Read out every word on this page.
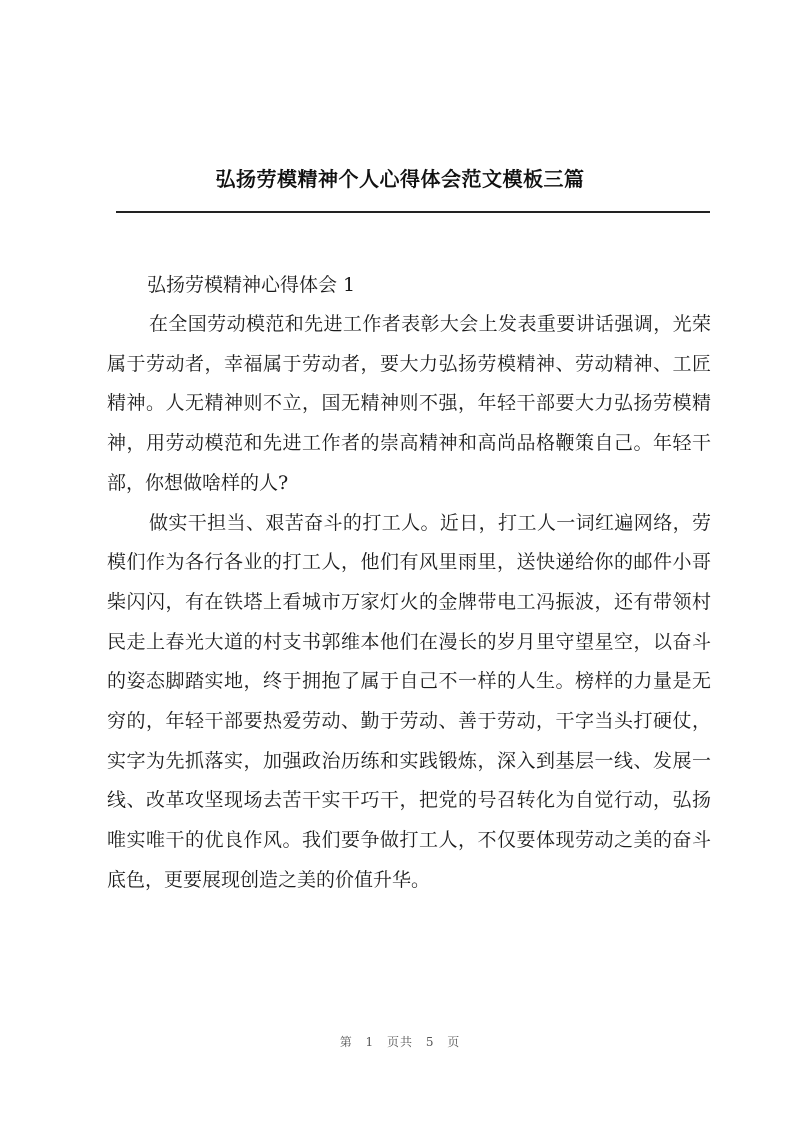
弘扬劳模精神个人心得体会范文模板三篇

弘扬劳模精神心得体会 1

在全国劳动模范和先进工作者表彰大会上发表重要讲话强调，光荣属于劳动者，幸福属于劳动者，要大力弘扬劳模精神、劳动精神、工匠精神。人无精神则不立，国无精神则不强，年轻干部要大力弘扬劳模精神，用劳动模范和先进工作者的崇高精神和高尚品格鞭策自己。年轻干部，你想做啥样的人?

做实干担当、艰苦奋斗的打工人。近日，打工人一词红遍网络，劳模们作为各行各业的打工人，他们有风里雨里，送快递给你的邮件小哥柴闪闪，有在铁塔上看城市万家灯火的金牌带电工冯振波，还有带领村民走上春光大道的村支书郭维本他们在漫长的岁月里守望星空，以奋斗的姿态脚踏实地，终于拥抱了属于自己不一样的人生。榜样的力量是无穷的，年轻干部要热爱劳动、勤于劳动、善于劳动，干字当头打硬仗，实字为先抓落实，加强政治历练和实践锻炼，深入到基层一线、发展一线、改革攻坚现场去苦干实干巧干，把党的号召转化为自觉行动，弘扬唯实唯干的优良作风。我们要争做打工人，不仅要体现劳动之美的奋斗底色，更要展现创造之美的价值升华。

第 1 页共 5 页
